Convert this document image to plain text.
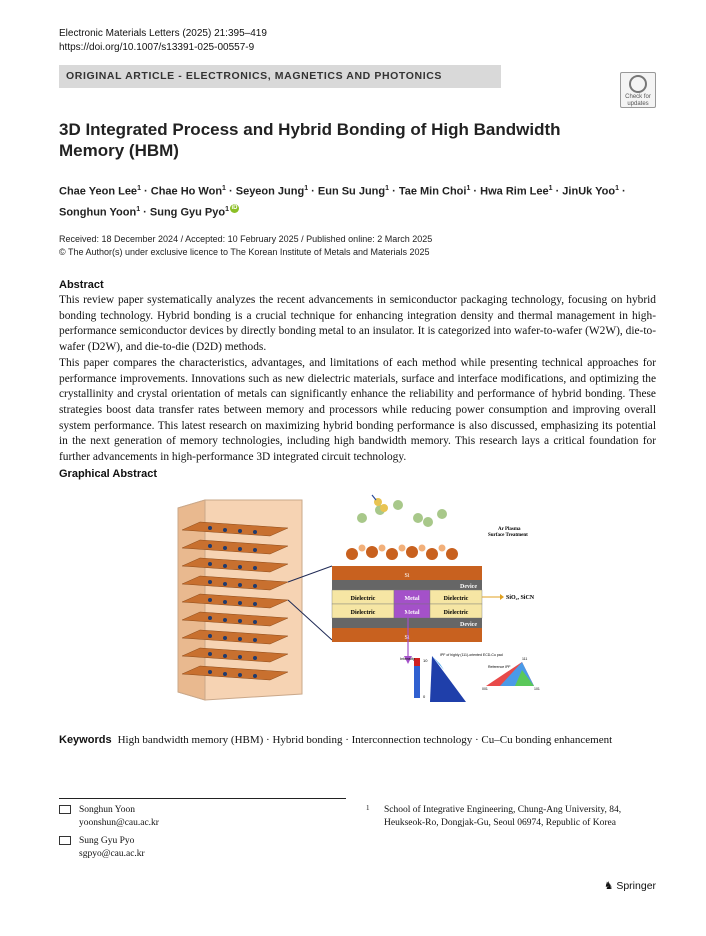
Electronic Materials Letters (2025) 21:395–419
https://doi.org/10.1007/s13391-025-00557-9
ORIGINAL ARTICLE - ELECTRONICS, MAGNETICS AND PHOTONICS
Check for
updates
3D Integrated Process and Hybrid Bonding of High Bandwidth Memory (HBM)
Chae Yeon Lee$^1$ · Chae Ho Won$^1$ · Seyeon Jung$^1$ · Eun Su Jung$^1$ · Tae Min Choi$^1$ · Hwa Rim Lee$^1$ · JinUk Yoo$^1$ ·
Songhun Yoon$^1$ · Sung Gyu Pyo$^1$ iD
Received: 18 December 2024 / Accepted: 10 February 2025 / Published online: 2 March 2025
© The Author(s) under exclusive licence to The Korean Institute of Metals and Materials 2025
Abstract

This review paper systematically analyzes the recent advancements in semiconductor packaging technology, focusing on hybrid bonding technology. Hybrid bonding is a crucial technique for enhancing integration density and thermal management in high-performance semiconductor devices by directly bonding metal to an insulator. It is categorized into wafer-to-wafer (W2W), die-to-wafer (D2W), and die-to-die (D2D) methods.

This paper compares the characteristics, advantages, and limitations of each method while presenting technical approaches for performance improvements. Innovations such as new dielectric materials, surface and interface modifications, and optimizing the crystallinity and crystal orientation of metals can significantly enhance the reliability and performance of hybrid bonding. These strategies boost data transfer rates between memory and processors while reducing power consumption and improving overall system performance. This latest research on maximizing hybrid bonding performance is also discussed, emphasizing its potential in the next generation of memory technologies, including high bandwidth memory. This research lays a critical foundation for further advancements in high-performance 3D integrated circuit technology.

Graphical Abstract
Ar Plasma
Surface Treatment
Si
Device
Dielectric	Metal	Dielectric
Dielectric	Metal	Dielectric
SiO₂, SiCN
Device
Si
Intensity 10
0
IPF of highly (111)-oriented ECD-Cu pad
Reference IPF
001	101
111
Keywords High bandwidth memory (HBM) · Hybrid bonding · Interconnection technology · Cu–Cu bonding enhancement
Songhun Yoon
yoonshun@cau.ac.kr
Sung Gyu Pyo
sgpyo@cau.ac.kr
1 School of Integrative Engineering, Chung-Ang University, 84, Heukseok-Ro, Dongjak-Gu, Seoul 06974, Republic of Korea
♞ Springer
